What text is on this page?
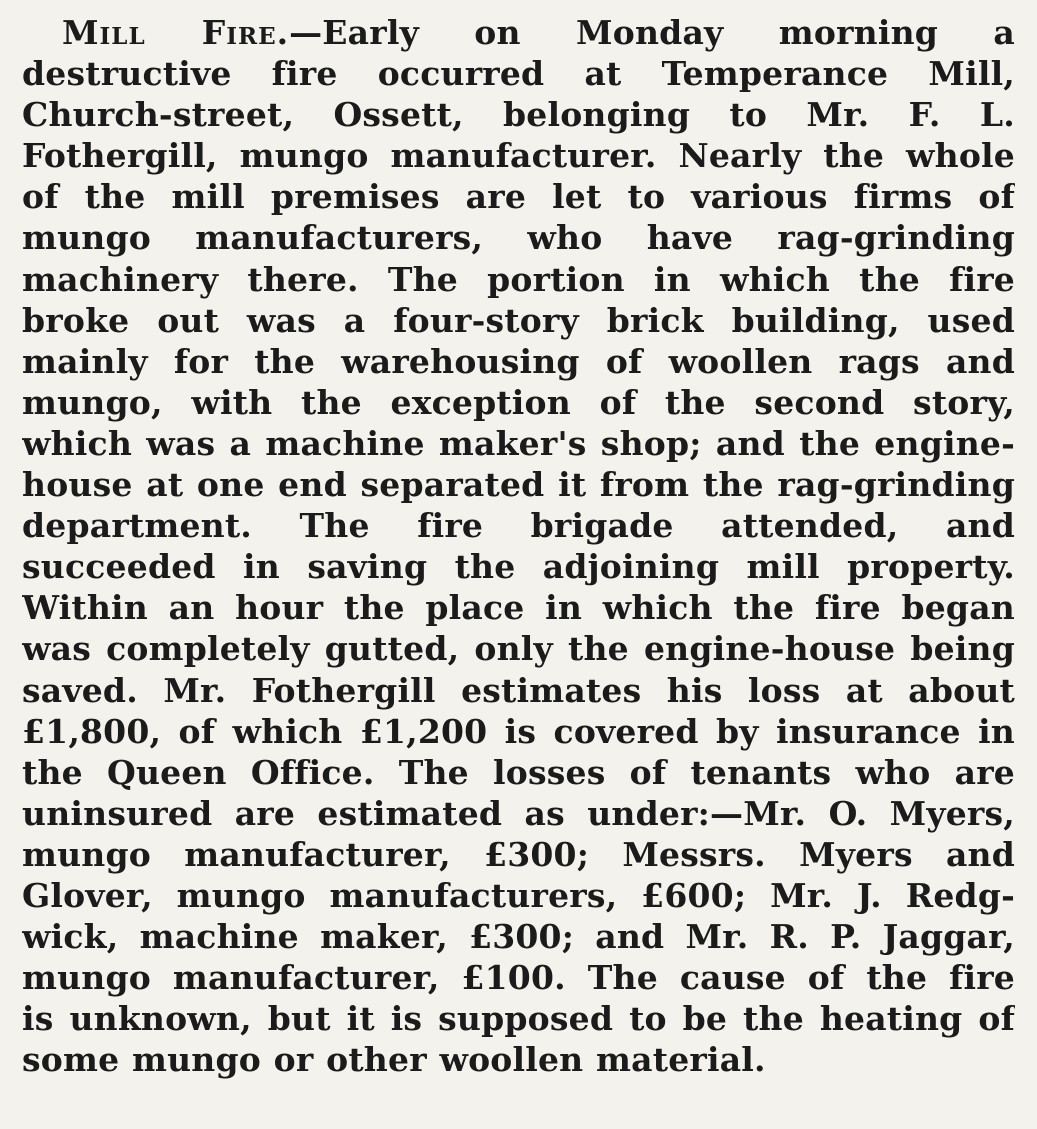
Mill Fire.—Early on Monday morning a
destructive fire occurred at Temperance Mill,
Church-street, Ossett, belonging to Mr. F. L.
Fothergill, mungo manufacturer. Nearly the whole
of the mill premises are let to various firms of
mungo manufacturers, who have rag-grinding
machinery there. The portion in which the fire
broke out was a four-story brick building, used
mainly for the warehousing of woollen rags and
mungo, with the exception of the second story,
which was a machine maker's shop; and the engine-
house at one end separated it from the rag-grinding
department. The fire brigade attended, and
succeeded in saving the adjoining mill property.
Within an hour the place in which the fire began
was completely gutted, only the engine-house being
saved. Mr. Fothergill estimates his loss at about
£1,800, of which £1,200 is covered by insurance in
the Queen Office. The losses of tenants who are
uninsured are estimated as under:—Mr. O. Myers,
mungo manufacturer, £300; Messrs. Myers and
Glover, mungo manufacturers, £600; Mr. J. Redg-
wick, machine maker, £300; and Mr. R. P. Jaggar,
mungo manufacturer, £100. The cause of the fire
is unknown, but it is supposed to be the heating of
some mungo or other woollen material.
